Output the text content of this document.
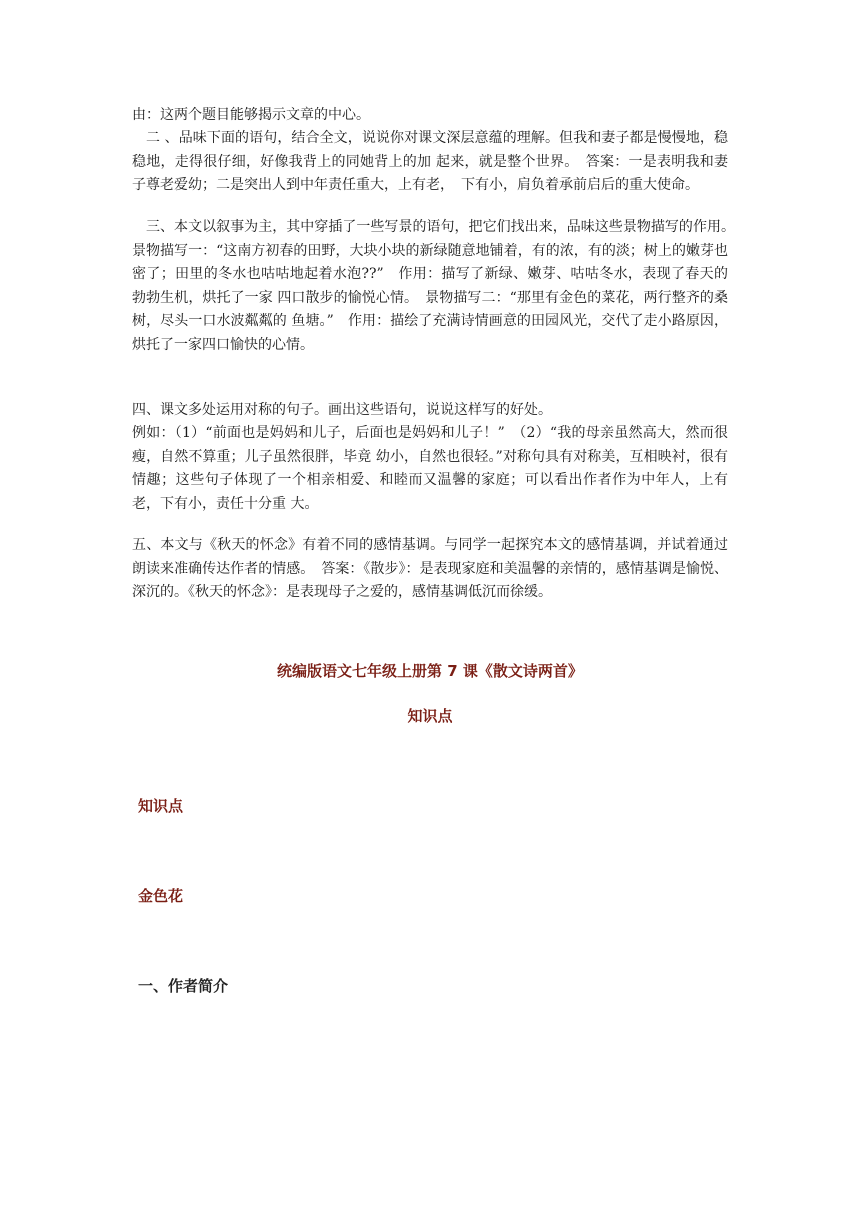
由：这两个题目能够揭示文章的中心。

二 、品味下面的语句，结合全文，说说你对课文深层意蕴的理解。但我和妻子都是慢慢地，稳稳地，走得很仔细，好像我背上的同她背上的加 起来，就是整个世界。　答案：一是表明我和妻子尊老爱幼；二是突出人到中年责任重大，上有老，　下有小，肩负着承前启后的重大使命。

三、本文以叙事为主，其中穿插了一些写景的语句，把它们找出来，品味这些景物描写的作用。　景物描写一：“这南方初春的田野，大块小块的新绿随意地铺着，有的浓，有的淡；树上的嫩芽也密了；田里的冬水也咕咕地起着水泡??”　作用：描写了新绿、嫩芽、咕咕冬水，表现了春天的勃勃生机，烘托了一家 四口散步的愉悦心情。　景物描写二：“那里有金色的菜花，两行整齐的桑树，尽头一口水波粼粼的 鱼塘。”　作用：描绘了充满诗情画意的田园风光，交代了走小路原因，烘托了一家四口愉快的心情。

四、课文多处运用对称的句子。画出这些语句，说说这样写的好处。

例如：（1）“前面也是妈妈和儿子，后面也是妈妈和儿子！”　（2）“我的母亲虽然高大，然而很瘦，自然不算重；儿子虽然很胖，毕竟 幼小，自然也很轻。”对称句具有对称美，互相映衬，很有情趣；这些句子体现了一个相亲相爱、和睦而又温馨的家庭；可以看出作者作为中年人，上有老，下有小，责任十分重 大。

五、本文与《秋天的怀念》有着不同的感情基调。与同学一起探究本文的感情基调，并试着通过朗读来准确传达作者的情感。　答案：《散步》：是表现家庭和美温馨的亲情的，感情基调是愉悦、深沉的。《秋天的怀念》：是表现母子之爱的，感情基调低沉而徐缓。

统编版语文七年级上册第 7 课《散文诗两首》
知识点
知识点
金色花
一、作者简介
